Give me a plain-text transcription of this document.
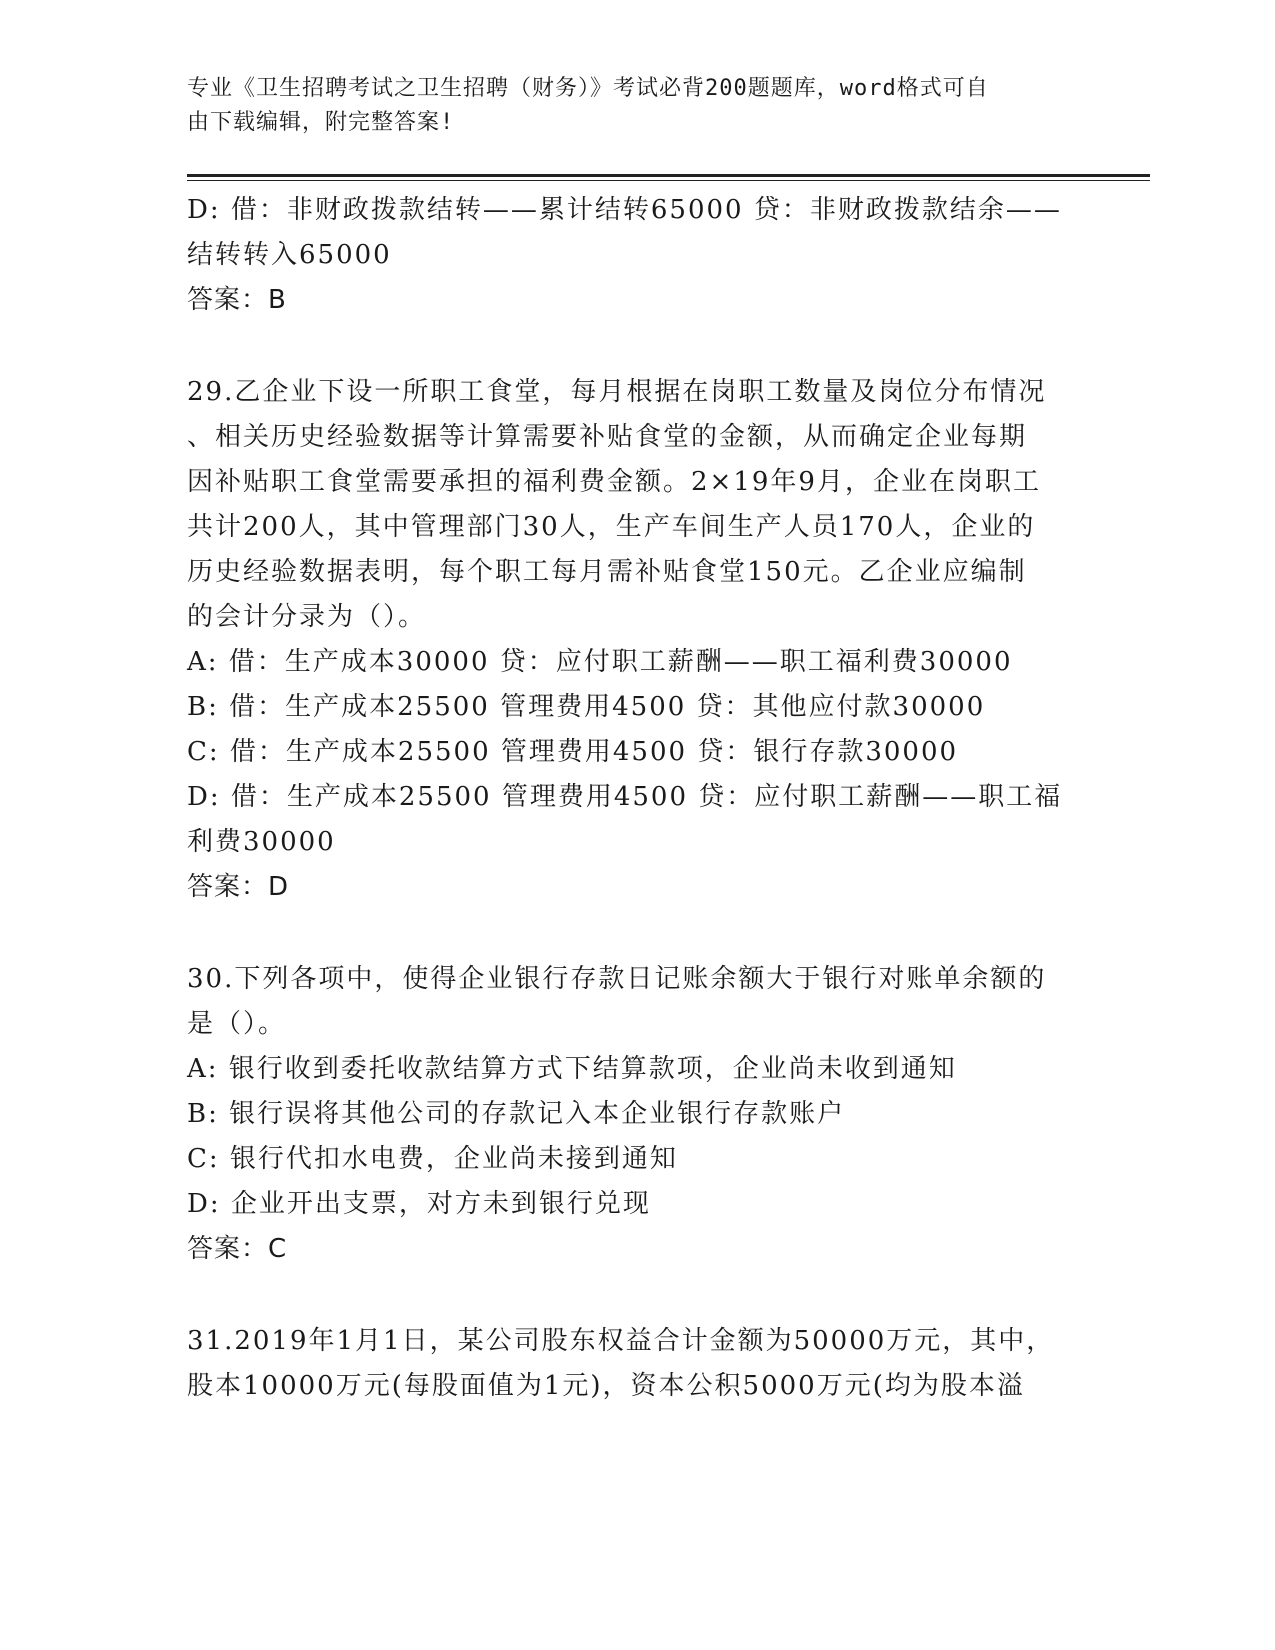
专业《卫生招聘考试之卫生招聘（财务）》考试必背200题题库，word格式可自
由下载编辑，附完整答案!
D: 借：非财政拨款结转——累计结转65000 贷：非财政拨款结余——
结转转入65000
答案：B
29.乙企业下设一所职工食堂，每月根据在岗职工数量及岗位分布情况
、相关历史经验数据等计算需要补贴食堂的金额，从而确定企业每期
因补贴职工食堂需要承担的福利费金额。2×19年9月，企业在岗职工
共计200人，其中管理部门30人，生产车间生产人员170人，企业的
历史经验数据表明，每个职工每月需补贴食堂150元。乙企业应编制
的会计分录为（）。
A: 借：生产成本30000 贷：应付职工薪酬——职工福利费30000
B: 借：生产成本25500 管理费用4500 贷：其他应付款30000
C: 借：生产成本25500 管理费用4500 贷：银行存款30000
D: 借：生产成本25500 管理费用4500 贷：应付职工薪酬——职工福
利费30000
答案：D
30.下列各项中，使得企业银行存款日记账余额大于银行对账单余额的
是（）。
A: 银行收到委托收款结算方式下结算款项，企业尚未收到通知
B: 银行误将其他公司的存款记入本企业银行存款账户
C: 银行代扣水电费，企业尚未接到通知
D: 企业开出支票，对方未到银行兑现
答案：C
31.2019年1月1日，某公司股东权益合计金额为50000万元，其中，
股本10000万元(每股面值为1元)，资本公积5000万元(均为股本溢
